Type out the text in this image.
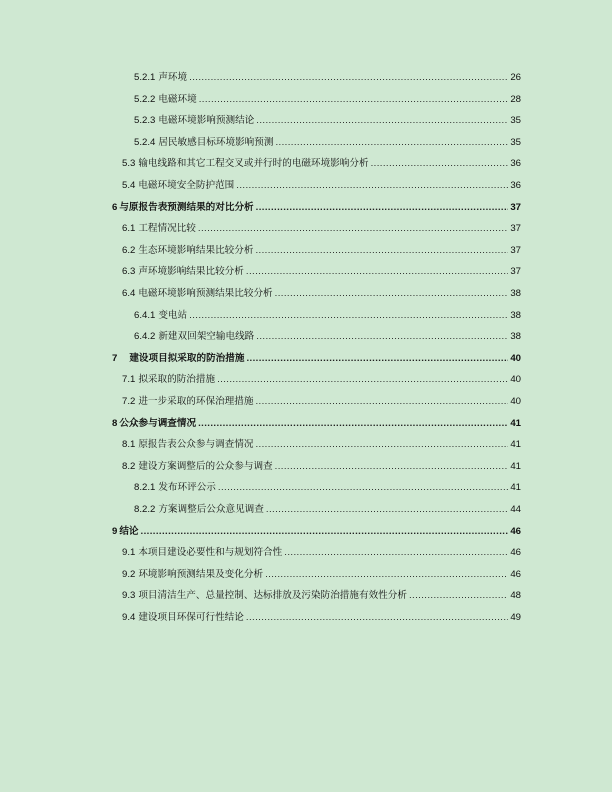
5.2.1 声环境 .....	26
5.2.2 电磁环境 .....	28
5.2.3 电磁环境影响预测结论 .....	35
5.2.4 居民敏感目标环境影响预测 .....	35
5.3 输电线路和其它工程交叉或并行时的电磁环境影响分析 .....	36
5.4 电磁环境安全防护范围 .....	36
6 与原报告表预测结果的对比分析 .....	37
6.1 工程情况比较 .....	37
6.2 生态环境影响结果比较分析 .....	37
6.3 声环境影响结果比较分析 .....	37
6.4 电磁环境影响预测结果比较分析 .....	38
6.4.1 变电站 .....	38
6.4.2 新建双回架空输电线路 .....	38
7 建设项目拟采取的防治措施 .....	40
7.1 拟采取的防治措施 .....	40
7.2 进一步采取的环保治理措施 .....	40
8 公众参与调查情况 .....	41
8.1 原报告表公众参与调查情况 .....	41
8.2 建设方案调整后的公众参与调查 .....	41
8.2.1 发布环评公示 .....	41
8.2.2 方案调整后公众意见调查 .....	44
9 结论 .....	46
9.1 本项目建设必要性和与规划符合性 .....	46
9.2 环境影响预测结果及变化分析 .....	46
9.3 项目清洁生产、总量控制、达标排放及污染防治措施有效性分析 .....	48
9.4 建设项目环保可行性结论 .....	49
